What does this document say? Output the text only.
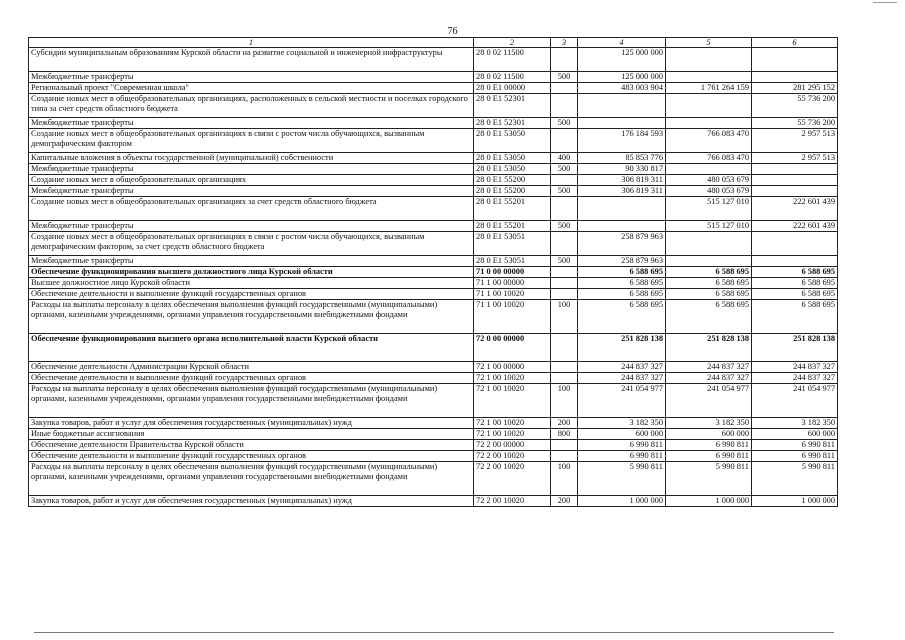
76
1	2	3	4	5	6
Субсидии муниципальным образованиям Курской области на развитие социальной и инженерной инфраструктуры	28 0 02 11500		125 000 000		
Межбюджетные трансферты	28 0 02 11500	500	125 000 000		
Региональный проект "Современная школа"	28 0 E1 00000		483 003 904	1 761 264 159	281 295 152
Создание новых мест в общеобразовательных организациях, расположенных в сельской местности и поселках городского типа за счет средств областного бюджета	28 0 E1 52301				55 736 200
Межбюджетные трансферты	28 0 E1 52301	500			55 736 200
Создание новых мест в общеобразовательных организациях в связи с ростом числа обучающихся, вызванным демографическим фактором	28 0 E1 53050		176 184 593	766 083 470	2 957 513
Капитальные вложения в объекты государственной (муниципальной) собственности	28 0 E1 53050	400	85 853 776	766 083 470	2 957 513
Межбюджетные трансферты	28 0 E1 53050	500	90 330 817		
Создание новых мест в общеобразовательных организациях	28 0 E1 55200		306 819 311	480 053 679	
Межбюджетные трансферты	28 0 E1 55200	500	306 819 311	480 053 679	
Создание новых мест в общеобразовательных организациях за счет средств областного бюджета	28 0 E1 55201			515 127 010	222 601 439
Межбюджетные трансферты	28 0 E1 55201	500		515 127 010	222 601 439
Создание новых мест в общеобразовательных организациях в связи с ростом числа обучающихся, вызванным демографическим фактором, за счет средств областного бюджета	28 0 E1 53051		258 879 963		
Межбюджетные трансферты	28 0 E1 53051	500	258 879 963		
Обеспечение функционирования высшего должностного лица Курской области	71 0 00 00000		6 588 695	6 588 695	6 588 695
Высшее должностное лицо Курской области	71 1 00 00000		6 588 695	6 588 695	6 588 695
Обеспечение деятельности и выполнение функций государственных органов	71 1 00 10020		6 588 695	6 588 695	6 588 695
Расходы на выплаты персоналу в целях обеспечения выполнения функций государственными (муниципальными) органами, казенными учреждениями, органами управления государственными внебюджетными фондами	71 1 00 10020	100	6 588 695	6 588 695	6 588 695
Обеспечение функционирования высшего органа исполнительной власти Курской области	72 0 00 00000		251 828 138	251 828 138	251 828 138
Обеспечение деятельности Администрации Курской области	72 1 00 00000		244 837 327	244 837 327	244 837 327
Обеспечение деятельности и выполнение функций государственных органов	72 1 00 10020		244 837 327	244 837 327	244 837 327
Расходы на выплаты персоналу в целях обеспечения выполнения функций государственными (муниципальными) органами, казенными учреждениями, органами управления государственными внебюджетными фондами	72 1 00 10020	100	241 054 977	241 054 977	241 054 977
Закупка товаров, работ и услуг для обеспечения государственных (муниципальных) нужд	72 1 00 10020	200	3 182 350	3 182 350	3 182 350
Иные бюджетные ассигнования	72 1 00 10020	800	600 000	600 000	600 000
Обеспечение деятельности Правительства Курской области	72 2 00 00000		6 990 811	6 990 811	6 990 811
Обеспечение деятельности и выполнение функций государственных органов	72 2 00 10020		6 990 811	6 990 811	6 990 811
Расходы на выплаты персоналу в целях обеспечения выполнения функций государственными (муниципальными) органами, казенными учреждениями, органами управления государственными внебюджетными фондами	72 2 00 10020	100	5 990 811	5 990 811	5 990 811
Закупка товаров, работ и услуг для обеспечения государственных (муниципальных) нужд	72 2 00 10020	200	1 000 000	1 000 000	1 000 000
